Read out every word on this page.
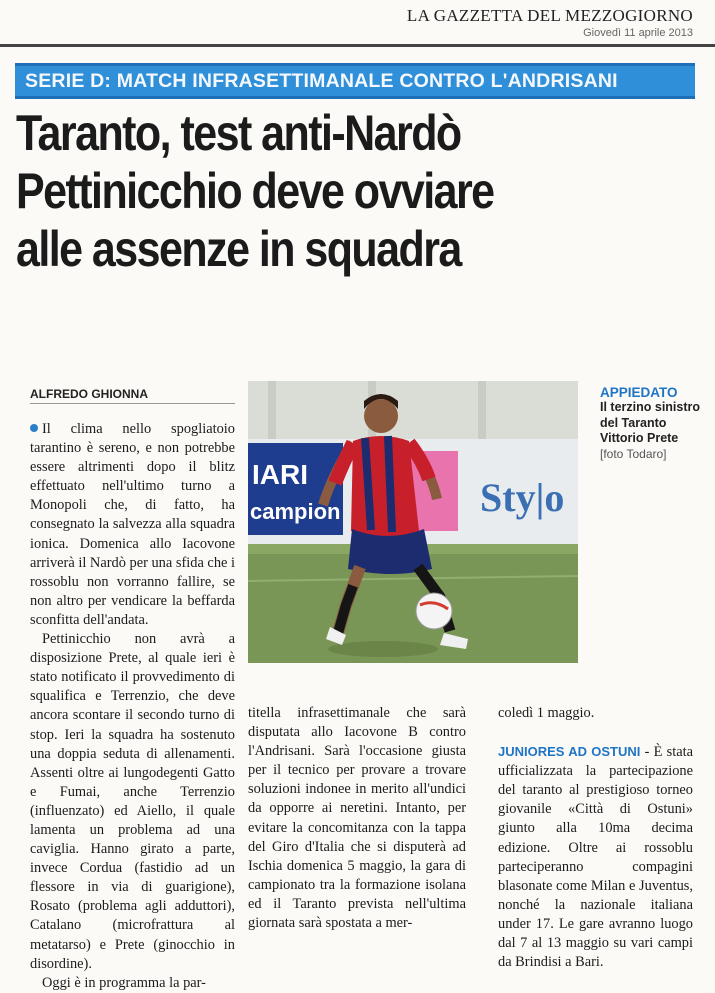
LA GAZZETTA DEL MEZZOGIORNO
Giovedì 11 aprile 2013
SERIE D: MATCH INFRASETTIMANALE CONTRO L'ANDRISANI
Taranto, test anti-Nardò
Pettinicchio deve ovviare
alle assenze in squadra
ALFREDO GHIONNA

Il clima nello spogliatoio tarantino è sereno, e non potrebbe essere altrimenti dopo il blitz effettuato nell'ultimo turno a Monopoli che, di fatto, ha consegnato la salvezza alla squadra ionica. Domenica allo Iacovone arriverà il Nardò per una sfida che i rossoblu non vorranno fallire, se non altro per vendicare la beffarda sconfitta dell'andata.

Pettinicchio non avrà a disposizione Prete, al quale ieri è stato notificato il provvedimento di squalifica e Terrenzio, che deve ancora scontare il secondo turno di stop. Ieri la squadra ha sostenuto una doppia seduta di allenamenti. Assenti oltre ai lungodegenti Gatto e Fumai, anche Terrenzio (influenzato) ed Aiello, il quale lamenta un problema ad una caviglia. Hanno girato a parte, invece Cordua (fastidio ad un flessore in via di guarigione), Rosato (problema agli adduttori), Catalano (microfrattura al metatarso) e Prete (ginocchio in disordine).

Oggi è in programma la par-

IARI
campion	Sty|o
APPIEDATO
Il terzino sinistro del Taranto Vittorio Prete
[foto Todaro]

titella infrasettimanale che sarà disputata allo Iacovone B contro l'Andrisani. Sarà l'occasione giusta per il tecnico per provare a trovare soluzioni indonee in merito all'undici da opporre ai neretini. Intanto, per evitare la concomitanza con la tappa del Giro d'Italia che si disputerà ad Ischia domenica 5 maggio, la gara di campionato tra la formazione isolana ed il Taranto prevista nell'ultima giornata sarà spostata a mer-

coledì 1 maggio.

JUNIORES AD OSTUNI - È stata ufficializzata la partecipazione del taranto al prestigioso torneo giovanile «Città di Ostuni» giunto alla 10ma decima edizione. Oltre ai rossoblu parteciperanno compagini blasonate come Milan e Juventus, nonché la nazionale italiana under 17. Le gare avranno luogo dal 7 al 13 maggio su vari campi da Brindisi a Bari.
